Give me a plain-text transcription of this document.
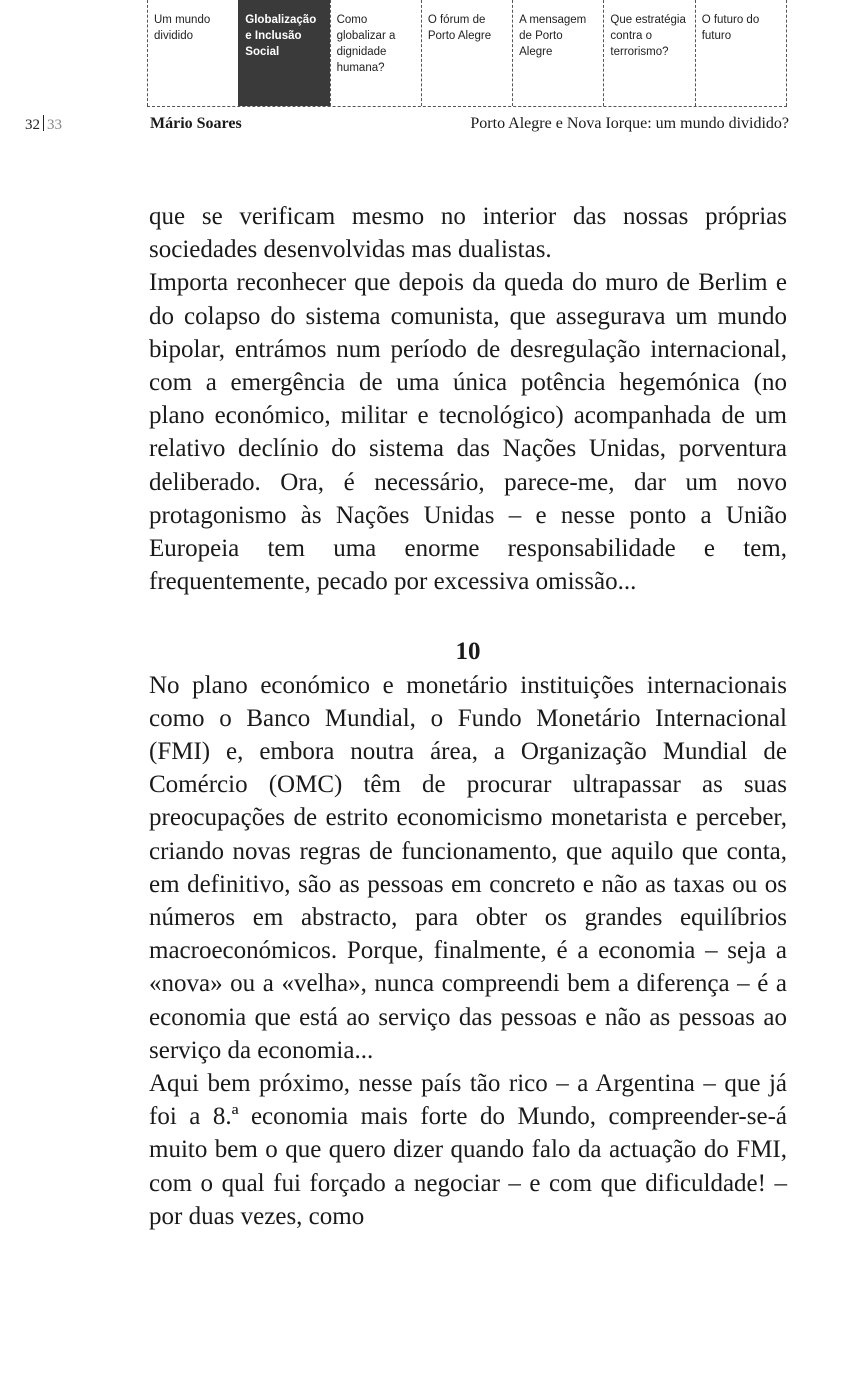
Um mundo dividido
Globalização e Inclusão Social
Como globalizar a dignidade humana?
O fórum de Porto Alegre
A mensagem de Porto Alegre
Que estratégia contra o terrorismo?
O futuro do futuro
32 33	Mário Soares	Porto Alegre e Nova Iorque: um mundo dividido?

que se verificam mesmo no interior das nossas próprias sociedades desenvolvidas mas dualistas.

Importa reconhecer que depois da queda do muro de Berlim e do colapso do sistema comunista, que assegurava um mundo bipolar, entrámos num período de desregulação internacional, com a emergência de uma única potência hegemónica (no plano económico, militar e tecnológico) acompanhada de um relativo declínio do sistema das Nações Unidas, porventura deliberado. Ora, é necessário, parece-me, dar um novo protagonismo às Nações Unidas – e nesse ponto a União Europeia tem uma enorme responsabilidade e tem, frequentemente, pecado por excessiva omissão...

10

No plano económico e monetário instituições internacionais como o Banco Mundial, o Fundo Monetário Internacional (FMI) e, embora noutra área, a Organização Mundial de Comércio (OMC) têm de procurar ultrapassar as suas preocupações de estrito economicismo monetarista e perceber, criando novas regras de funcionamento, que aquilo que conta, em definitivo, são as pessoas em concreto e não as taxas ou os números em abstracto, para obter os grandes equilíbrios macroeconómicos. Porque, finalmente, é a economia – seja a «nova» ou a «velha», nunca compreendi bem a diferença – é a economia que está ao serviço das pessoas e não as pessoas ao serviço da economia...

Aqui bem próximo, nesse país tão rico – a Argentina – que já foi a 8.ª economia mais forte do Mundo, compreender-se-á muito bem o que quero dizer quando falo da actuação do FMI, com o qual fui forçado a negociar – e com que dificuldade! – por duas vezes, como
